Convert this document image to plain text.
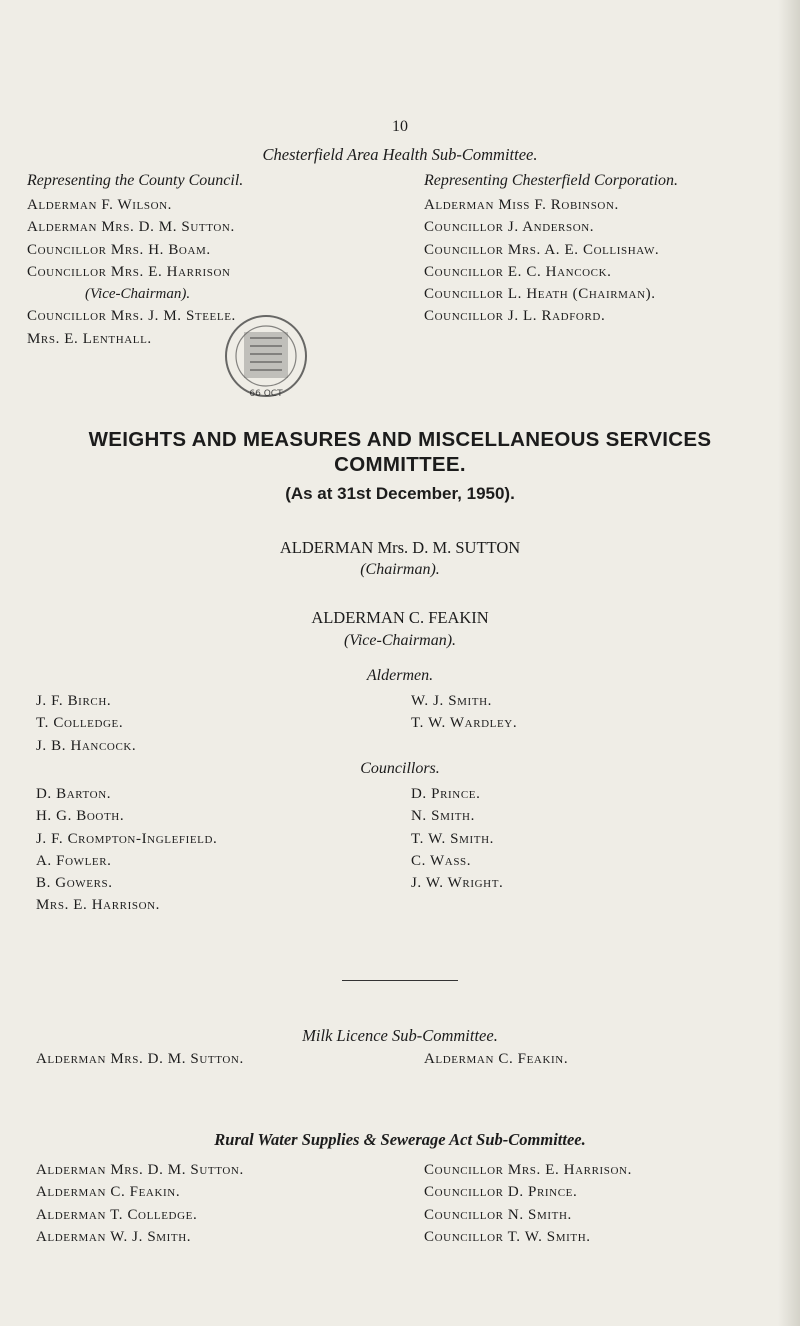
10
Chesterfield Area Health Sub-Committee.
Representing the County Council.
Alderman F. Wilson.
Alderman Mrs. D. M. Sutton.
Councillor Mrs. H. Boam.
Councillor Mrs. E. Harrison
(Vice-Chairman).
Councillor Mrs. J. M. Steele.
Mrs. E. Lenthall.
Representing Chesterfield Corporation.
Alderman Miss F. Robinson.
Councillor J. Anderson.
Councillor Mrs. A. E. Collishaw.
Councillor E. C. Hancock.
Councillor L. Heath (Chairman).
Councillor J. L. Radford.
66 OCT
WEIGHTS AND MEASURES AND MISCELLANEOUS SERVICES
COMMITTEE.
(As at 31st December, 1950).
ALDERMAN Mrs. D. M. SUTTON
(Chairman).
ALDERMAN C. FEAKIN
(Vice-Chairman).
Aldermen.
J. F. Birch.
T. Colledge.
J. B. Hancock.
W. J. Smith.
T. W. Wardley.
Councillors.
D. Barton.
H. G. Booth.
J. F. Crompton-Inglefield.
A. Fowler.
B. Gowers.
Mrs. E. Harrison.
D. Prince.
N. Smith.
T. W. Smith.
C. Wass.
J. W. Wright.
Milk Licence Sub-Committee.
Alderman Mrs. D. M. Sutton.	Alderman C. Feakin.
Rural Water Supplies & Sewerage Act Sub-Committee.
Alderman Mrs. D. M. Sutton.
Alderman C. Feakin.
Alderman T. Colledge.
Alderman W. J. Smith.
Councillor Mrs. E. Harrison.
Councillor D. Prince.
Councillor N. Smith.
Councillor T. W. Smith.
